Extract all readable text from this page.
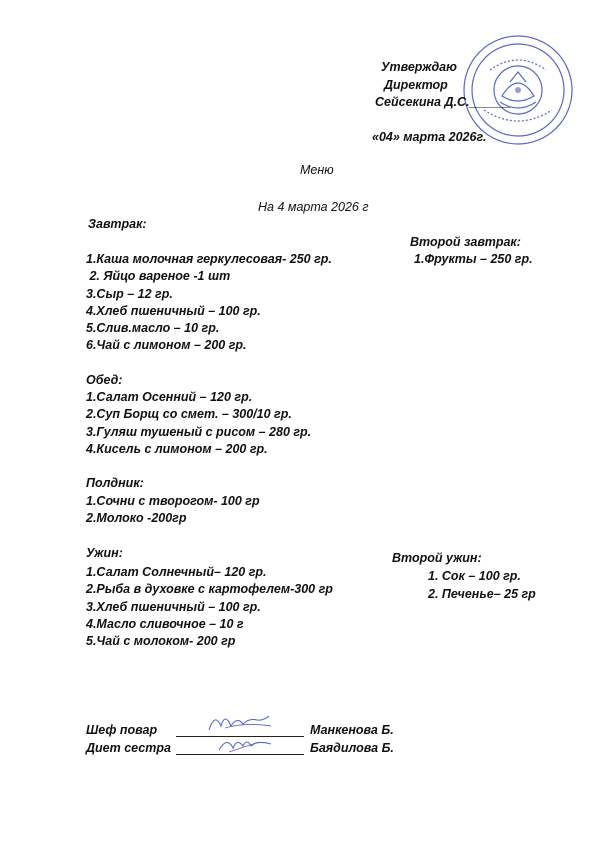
Утверждаю
Директор
Сейсекина Д.С.______
«04» марта 2026г.
Меню
На 4 марта 2026 г
Завтрак:
1.Каша молочная геркулесовая- 250 гр.
2. Яйцо вареное -1 шт
3.Сыр – 12 гр.
4.Хлеб пшеничный – 100 гр.
5.Слив.масло – 10 гр.
6.Чай с лимоном – 200 гр.
Второй завтрак:
1.Фрукты – 250 гр.
Обед:
1.Салат Осенний – 120 гр.
2.Суп Борщ со смет. – 300/10 гр.
3.Гуляш тушеный с рисом – 280 гр.
4.Кисель с лимоном – 200 гр.
Полдник:
1.Сочни с творогом- 100 гр
2.Молоко -200гр
Ужин:
1.Салат Солнечный– 120 гр.
2.Рыба в духовке с картофелем-300 гр
3.Хлеб пшеничный – 100 гр.
4.Масло сливочное – 10 г
5.Чай с молоком- 200 гр
Второй ужин:
1. Сок – 100 гр.
2. Печенье– 25 гр
Шеф повар	Манкенова Б.
Диет сестра	Баядилова Б.
